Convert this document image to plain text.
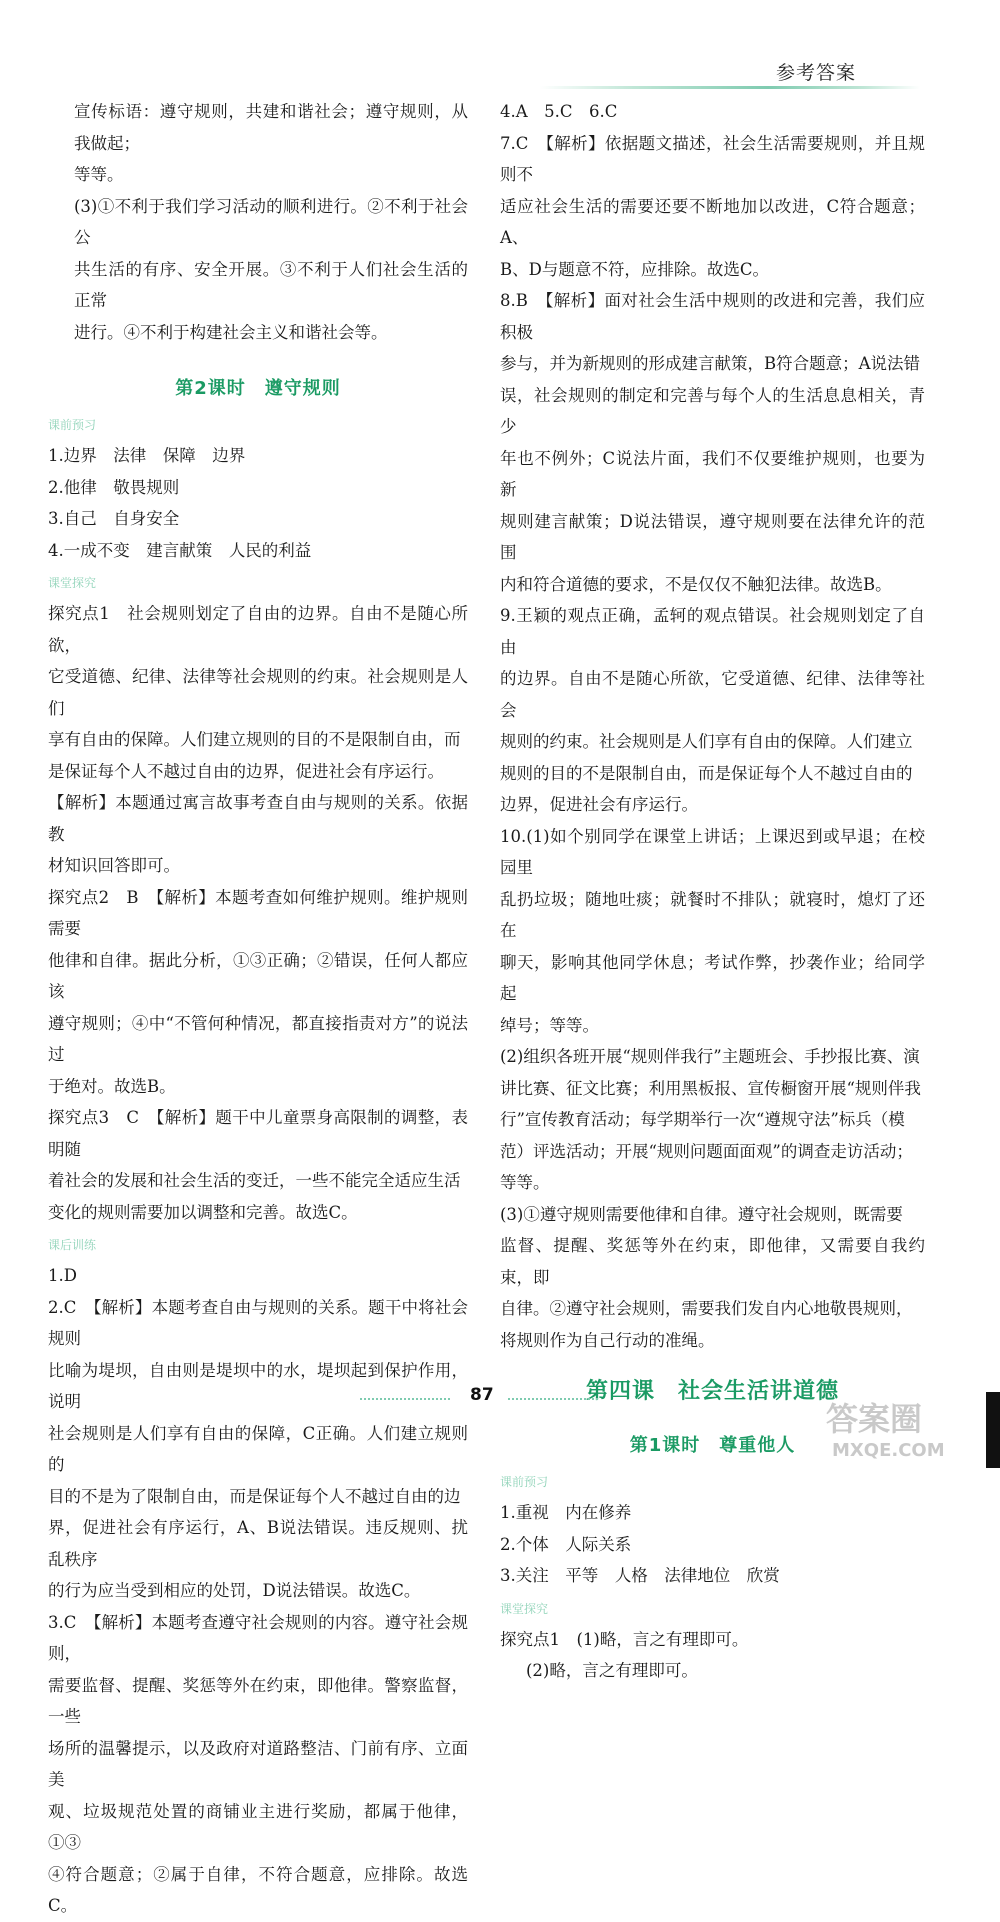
参考答案

宣传标语：遵守规则，共建和谐社会；遵守规则，从我做起；

等等。

(3)①不利于我们学习活动的顺利进行。②不利于社会公

共生活的有序、安全开展。③不利于人们社会生活的正常

进行。④不利于构建社会主义和谐社会等。

第2课时　遵守规则
课前预习

1.边界　法律　保障　边界

2.他律　敬畏规则

3.自己　自身安全

4.一成不变　建言献策　人民的利益

课堂探究

探究点1　社会规则划定了自由的边界。自由不是随心所欲，

它受道德、纪律、法律等社会规则的约束。社会规则是人们

享有自由的保障。人们建立规则的目的不是限制自由，而

是保证每个人不越过自由的边界，促进社会有序运行。

【解析】本题通过寓言故事考查自由与规则的关系。依据教

材知识回答即可。

探究点2　B　【解析】本题考查如何维护规则。维护规则需要

他律和自律。据此分析，①③正确；②错误，任何人都应该

遵守规则；④中“不管何种情况，都直接指责对方”的说法过

于绝对。故选B。

探究点3　C　【解析】题干中儿童票身高限制的调整，表明随

着社会的发展和社会生活的变迁，一些不能完全适应生活

变化的规则需要加以调整和完善。故选C。

课后训练

1.D

2.C　【解析】本题考查自由与规则的关系。题干中将社会规则

比喻为堤坝，自由则是堤坝中的水，堤坝起到保护作用，说明

社会规则是人们享有自由的保障，C正确。人们建立规则的

目的不是为了限制自由，而是保证每个人不越过自由的边

界，促进社会有序运行，A、B说法错误。违反规则、扰乱秩序

的行为应当受到相应的处罚，D说法错误。故选C。

3.C　【解析】本题考查遵守社会规则的内容。遵守社会规则，

需要监督、提醒、奖惩等外在约束，即他律。警察监督，一些

场所的温馨提示，以及政府对道路整洁、门前有序、立面美

观、垃圾规范处置的商铺业主进行奖励，都属于他律，①③

④符合题意；②属于自律，不符合题意，应排除。故选C。

4.A　5.C　6.C

7.C　【解析】依据题文描述，社会生活需要规则，并且规则不

适应社会生活的需要还要不断地加以改进，C符合题意；A、

B、D与题意不符，应排除。故选C。

8.B　【解析】面对社会生活中规则的改进和完善，我们应积极

参与，并为新规则的形成建言献策，B符合题意；A说法错

误，社会规则的制定和完善与每个人的生活息息相关，青少

年也不例外；C说法片面，我们不仅要维护规则，也要为新

规则建言献策；D说法错误，遵守规则要在法律允许的范围

内和符合道德的要求，不是仅仅不触犯法律。故选B。

9.王颖的观点正确，孟轲的观点错误。社会规则划定了自由

的边界。自由不是随心所欲，它受道德、纪律、法律等社会

规则的约束。社会规则是人们享有自由的保障。人们建立

规则的目的不是限制自由，而是保证每个人不越过自由的

边界，促进社会有序运行。

10.(1)如个别同学在课堂上讲话；上课迟到或早退；在校园里

乱扔垃圾；随地吐痰；就餐时不排队；就寝时，熄灯了还在

聊天，影响其他同学休息；考试作弊，抄袭作业；给同学起

绰号；等等。

(2)组织各班开展“规则伴我行”主题班会、手抄报比赛、演

讲比赛、征文比赛；利用黑板报、宣传橱窗开展“规则伴我

行”宣传教育活动；每学期举行一次“遵规守法”标兵（模

范）评选活动；开展“规则问题面面观”的调查走访活动；

等等。

(3)①遵守规则需要他律和自律。遵守社会规则，既需要

监督、提醒、奖惩等外在约束，即他律，又需要自我约束，即

自律。②遵守社会规则，需要我们发自内心地敬畏规则，

将规则作为自己行动的准绳。

第四课　社会生活讲道德
第1课时　尊重他人
课前预习

1.重视　内在修养

2.个体　人际关系

3.关注　平等　人格　法律地位　欣赏

课堂探究

探究点1　(1)略，言之有理即可。

(2)略，言之有理即可。

87
答案圈
MXQE.COM
